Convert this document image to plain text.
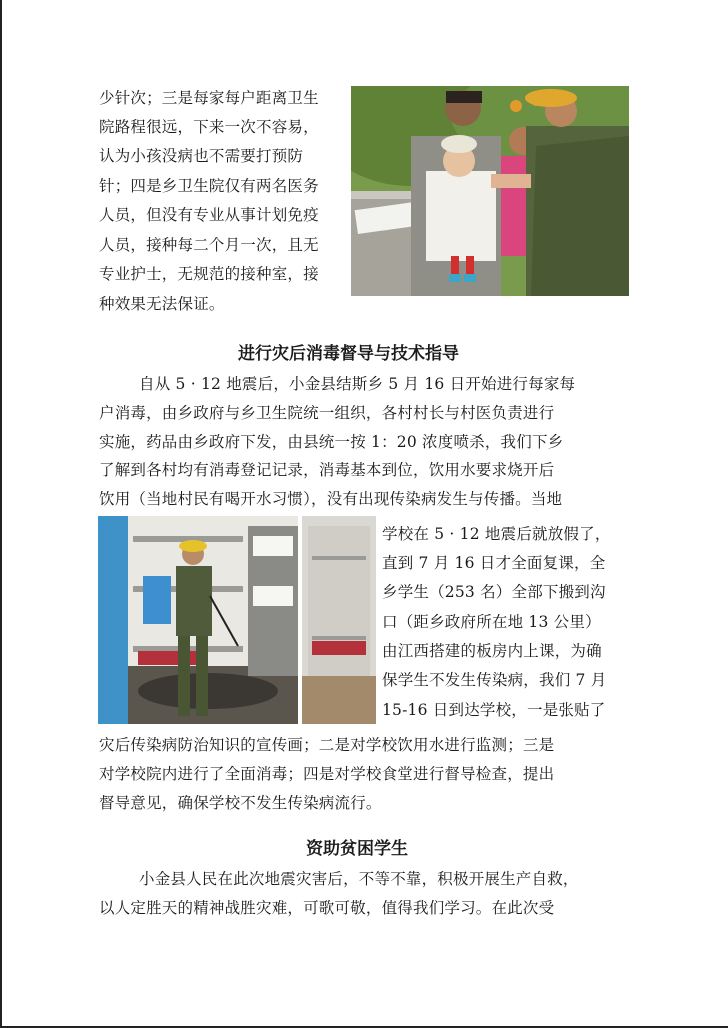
少针次；三是每家每户距离卫生
院路程很远，下来一次不容易，
认为小孩没病也不需要打预防
针；四是乡卫生院仅有两名医务
人员，但没有专业从事计划免疫
人员，接种每二个月一次，且无
专业护士，无规范的接种室，接
种效果无法保证。
进行灾后消毒督导与技术指导
自从 5 · 12 地震后，小金县结斯乡 5 月 16 日开始进行每家每
户消毒，由乡政府与乡卫生院统一组织，各村村长与村医负责进行
实施，药品由乡政府下发，由县统一按 1：20 浓度喷杀，我们下乡
了解到各村均有消毒登记记录，消毒基本到位，饮用水要求烧开后
饮用（当地村民有喝开水习惯），没有出现传染病发生与传播。当地
学校在 5 · 12 地震后就放假了，
直到 7 月 16 日才全面复课，全
乡学生（253 名）全部下搬到沟
口（距乡政府所在地 13 公里）
由江西搭建的板房内上课，为确
保学生不发生传染病，我们 7 月
15-16 日到达学校，一是张贴了
灾后传染病防治知识的宣传画；二是对学校饮用水进行监测；三是
对学校院内进行了全面消毒；四是对学校食堂进行督导检查，提出
督导意见，确保学校不发生传染病流行。
资助贫困学生
小金县人民在此次地震灾害后，不等不靠，积极开展生产自救，
以人定胜天的精神战胜灾难，可歌可敬，值得我们学习。在此次受
